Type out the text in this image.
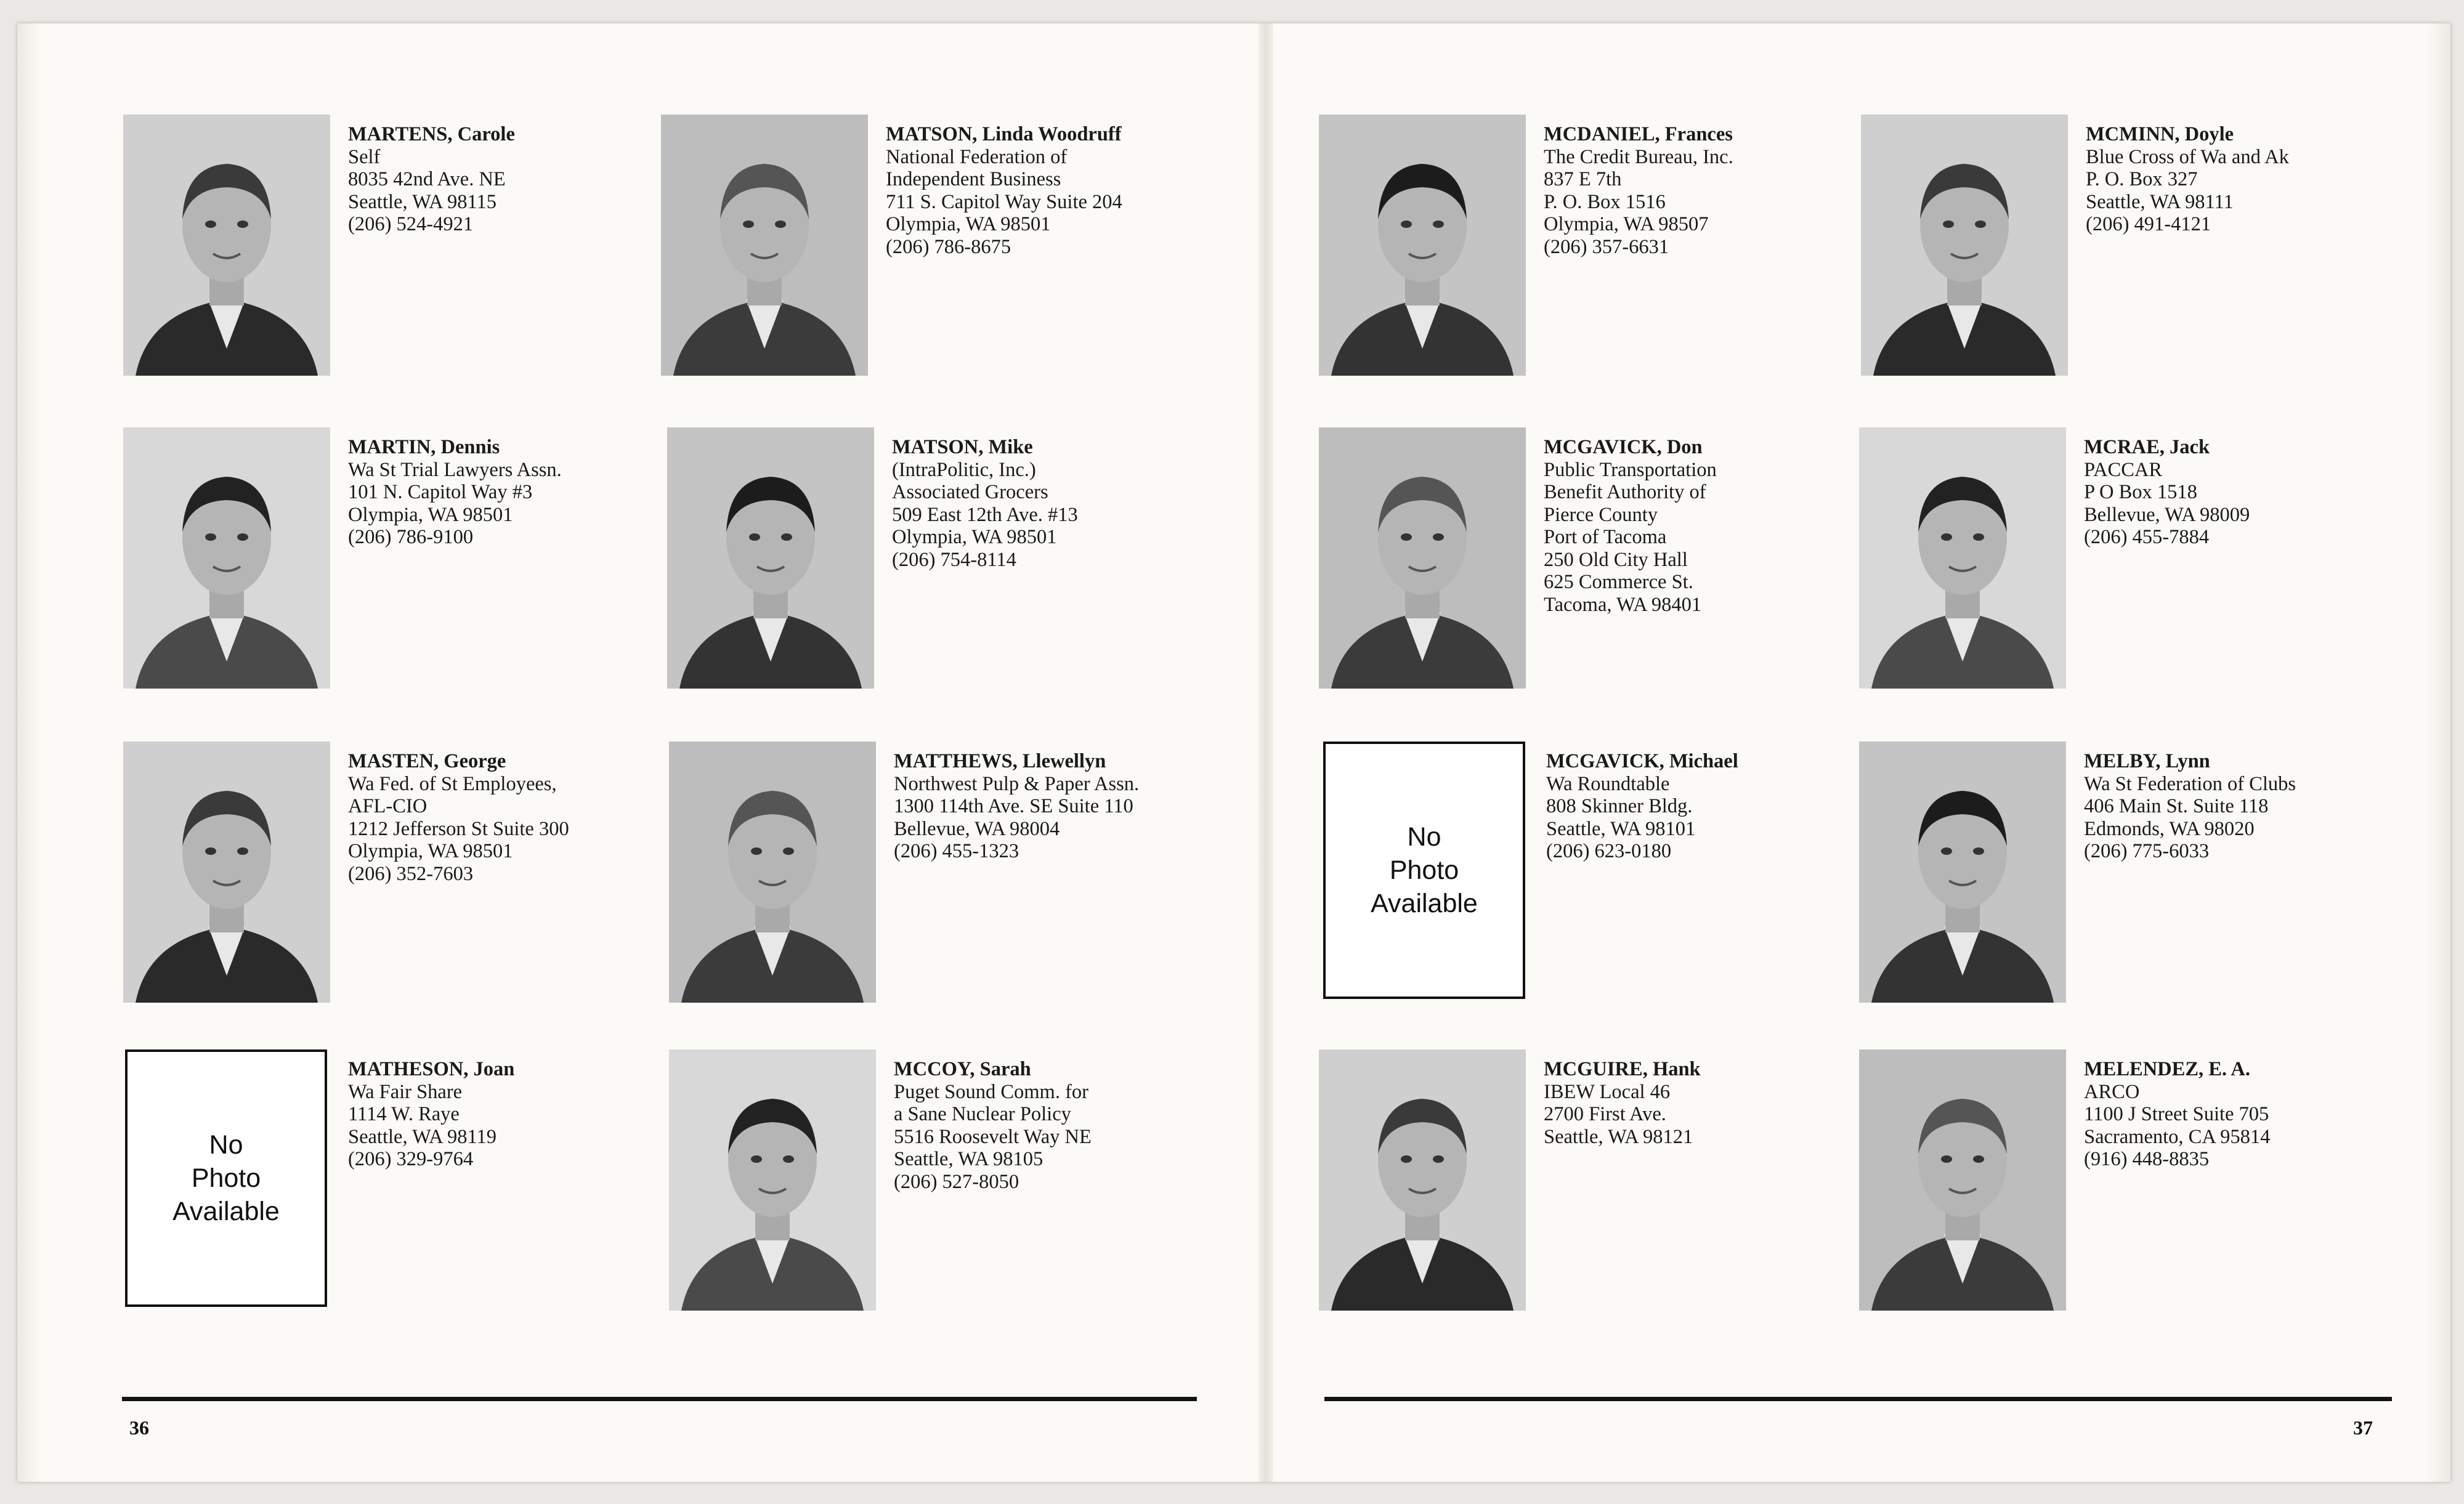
MARTENS, Carole
Self
8035 42nd Ave. NE
Seattle, WA 98115
(206) 524-4921
MATSON, Linda Woodruff
National Federation of
Independent Business
711 S. Capitol Way Suite 204
Olympia, WA 98501
(206) 786-8675
MARTIN, Dennis
Wa St Trial Lawyers Assn.
101 N. Capitol Way #3
Olympia, WA 98501
(206) 786-9100
MATSON, Mike
(IntraPolitic, Inc.)
Associated Grocers
509 East 12th Ave. #13
Olympia, WA 98501
(206) 754-8114
MASTEN, George
Wa Fed. of St Employees,
AFL-CIO
1212 Jefferson St Suite 300
Olympia, WA 98501
(206) 352-7603
MATTHEWS, Llewellyn
Northwest Pulp & Paper Assn.
1300 114th Ave. SE Suite 110
Bellevue, WA 98004
(206) 455-1323
No
Photo
Available
MATHESON, Joan
Wa Fair Share
1114 W. Raye
Seattle, WA 98119
(206) 329-9764
MCCOY, Sarah
Puget Sound Comm. for
a Sane Nuclear Policy
5516 Roosevelt Way NE
Seattle, WA 98105
(206) 527-8050
36
MCDANIEL, Frances
The Credit Bureau, Inc.
837 E 7th
P. O. Box 1516
Olympia, WA 98507
(206) 357-6631
MCMINN, Doyle
Blue Cross of Wa and Ak
P. O. Box 327
Seattle, WA 98111
(206) 491-4121
MCGAVICK, Don
Public Transportation
Benefit Authority of
Pierce County
Port of Tacoma
250 Old City Hall
625 Commerce St.
Tacoma, WA 98401
MCRAE, Jack
PACCAR
P O Box 1518
Bellevue, WA 98009
(206) 455-7884
No
Photo
Available
MCGAVICK, Michael
Wa Roundtable
808 Skinner Bldg.
Seattle, WA 98101
(206) 623-0180
MELBY, Lynn
Wa St Federation of Clubs
406 Main St. Suite 118
Edmonds, WA 98020
(206) 775-6033
MCGUIRE, Hank
IBEW Local 46
2700 First Ave.
Seattle, WA 98121
MELENDEZ, E. A.
ARCO
1100 J Street Suite 705
Sacramento, CA 95814
(916) 448-8835
37
